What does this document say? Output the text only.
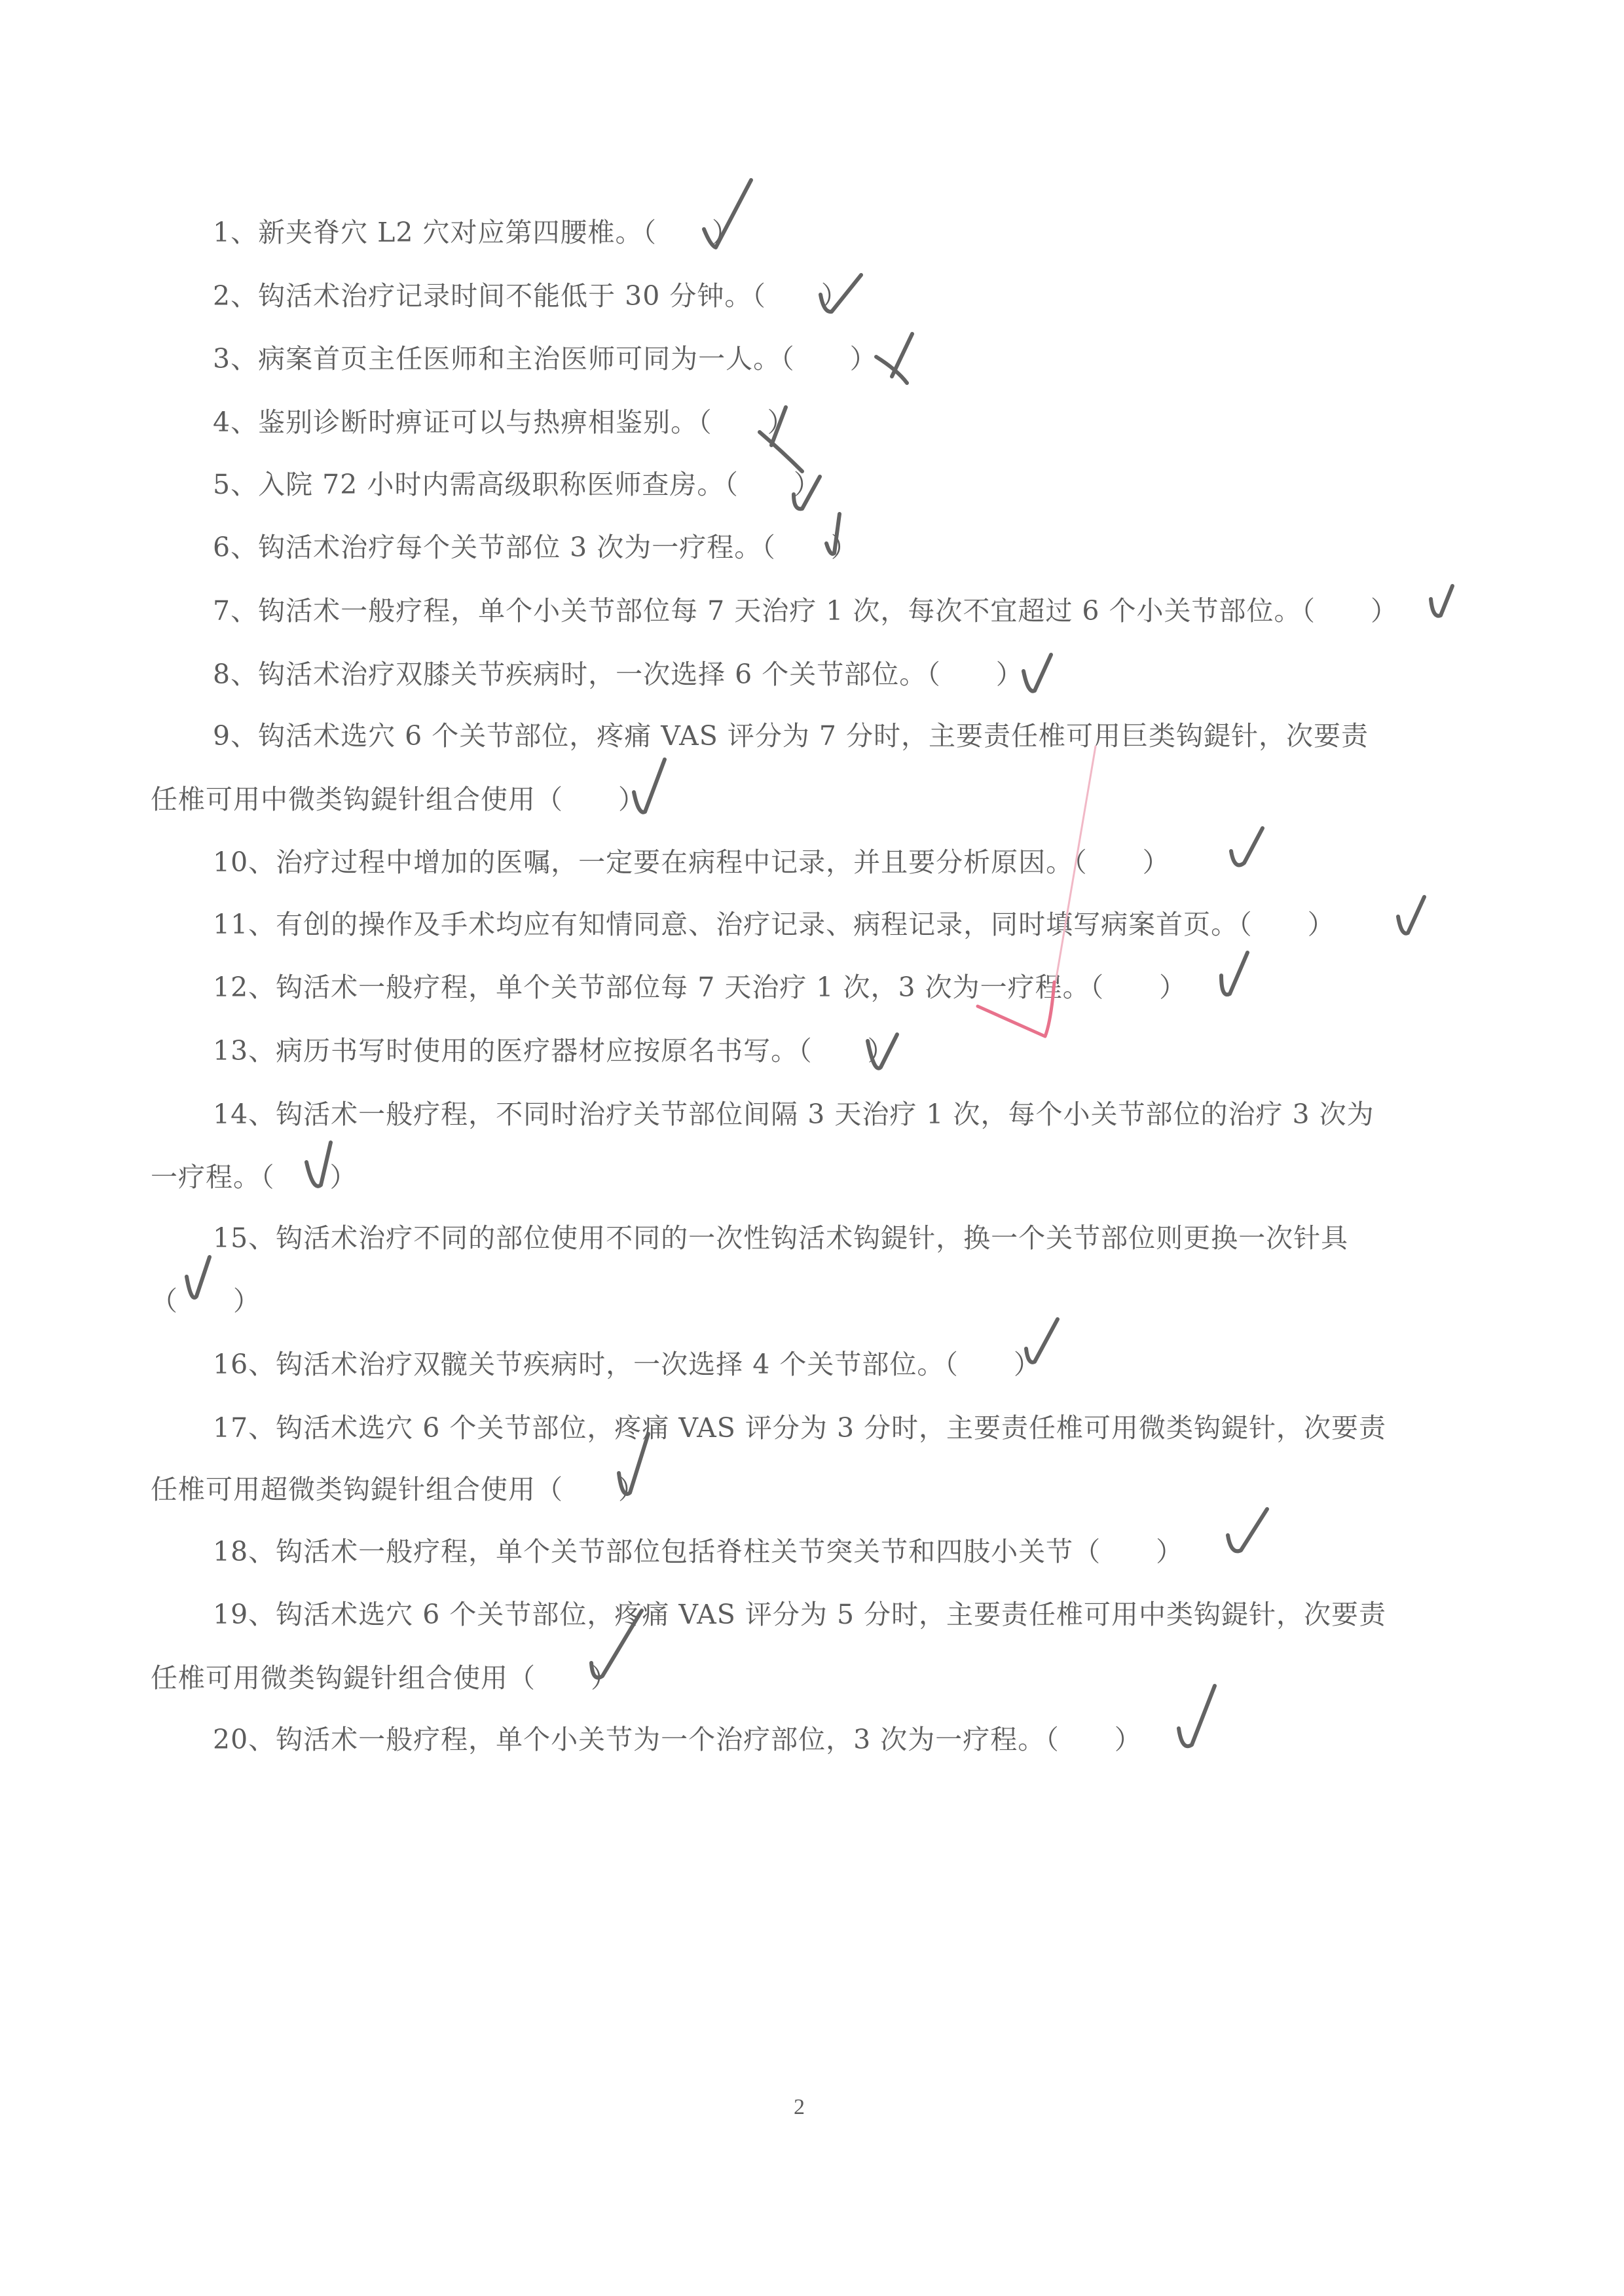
1、新夹脊穴 L2 穴对应第四腰椎。（　　）
2、钩活术治疗记录时间不能低于 30 分钟。（　　）
3、病案首页主任医师和主治医师可同为一人。（　　）
4、鉴别诊断时痹证可以与热痹相鉴别。（　　）
5、入院 72 小时内需高级职称医师查房。（　　）
6、钩活术治疗每个关节部位 3 次为一疗程。（　　）
7、钩活术一般疗程，单个小关节部位每 7 天治疗 1 次，每次不宜超过 6 个小关节部位。（　　）
8、钩活术治疗双膝关节疾病时，一次选择 6 个关节部位。（　　）
9、钩活术选穴 6 个关节部位，疼痛 VAS 评分为 7 分时，主要责任椎可用巨类钩鍉针，次要责
任椎可用中微类钩鍉针组合使用（　　）
10、治疗过程中增加的医嘱，一定要在病程中记录，并且要分析原因。（　　）
11、有创的操作及手术均应有知情同意、治疗记录、病程记录，同时填写病案首页。（　　）
12、钩活术一般疗程，单个关节部位每 7 天治疗 1 次，3 次为一疗程。（　　）
13、病历书写时使用的医疗器材应按原名书写。（　　）
14、钩活术一般疗程，不同时治疗关节部位间隔 3 天治疗 1 次，每个小关节部位的治疗 3 次为
一疗程。（　　）
15、钩活术治疗不同的部位使用不同的一次性钩活术钩鍉针，换一个关节部位则更换一次针具
（　　）
16、钩活术治疗双髋关节疾病时，一次选择 4 个关节部位。（　　）
17、钩活术选穴 6 个关节部位，疼痛 VAS 评分为 3 分时，主要责任椎可用微类钩鍉针，次要责
任椎可用超微类钩鍉针组合使用（　　）
18、钩活术一般疗程，单个关节部位包括脊柱关节突关节和四肢小关节（　　）
19、钩活术选穴 6 个关节部位，疼痛 VAS 评分为 5 分时，主要责任椎可用中类钩鍉针，次要责
任椎可用微类钩鍉针组合使用（　　）
20、钩活术一般疗程，单个小关节为一个治疗部位，3 次为一疗程。（　　）
2
